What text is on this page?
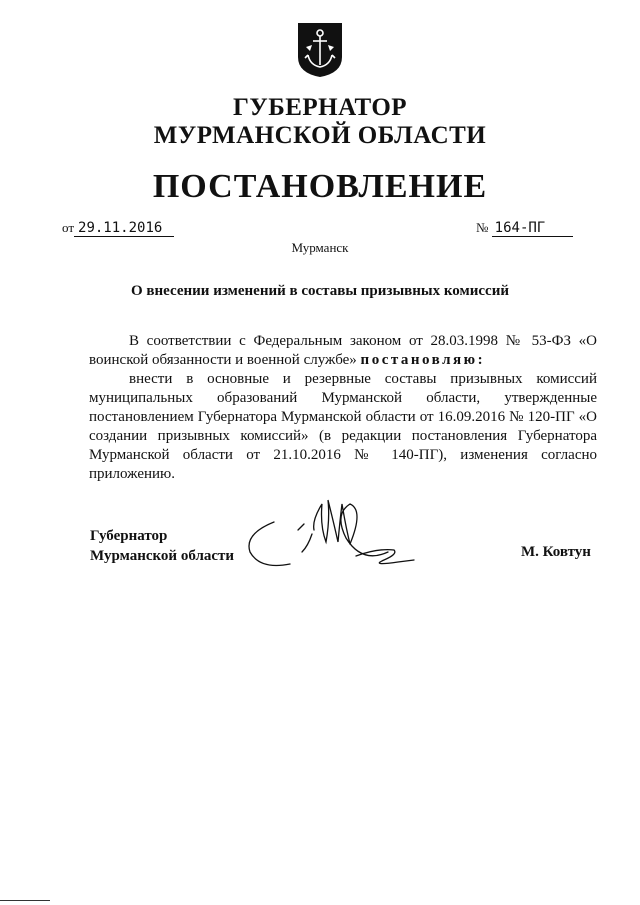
ГУБЕРНАТОР
МУРМАНСКОЙ ОБЛАСТИ
ПОСТАНОВЛЕНИЕ
от 29.11.2016	№ 164-ПГ
Мурманск
О внесении изменений в составы призывных комиссий

В соответствии с Федеральным законом от 28.03.1998 № 53-ФЗ «О воинской обязанности и военной службе» постановляю:

внести в основные и резервные составы призывных комиссий муниципальных образований Мурманской области, утвержденные постановлением Губернатора Мурманской области от 16.09.2016 № 120-ПГ «О создании призывных комиссий» (в редакции постановления Губернатора Мурманской области от 21.10.2016 № 140-ПГ), изменения согласно приложению.

Губернатор
Мурманской области	М. Ковтун
